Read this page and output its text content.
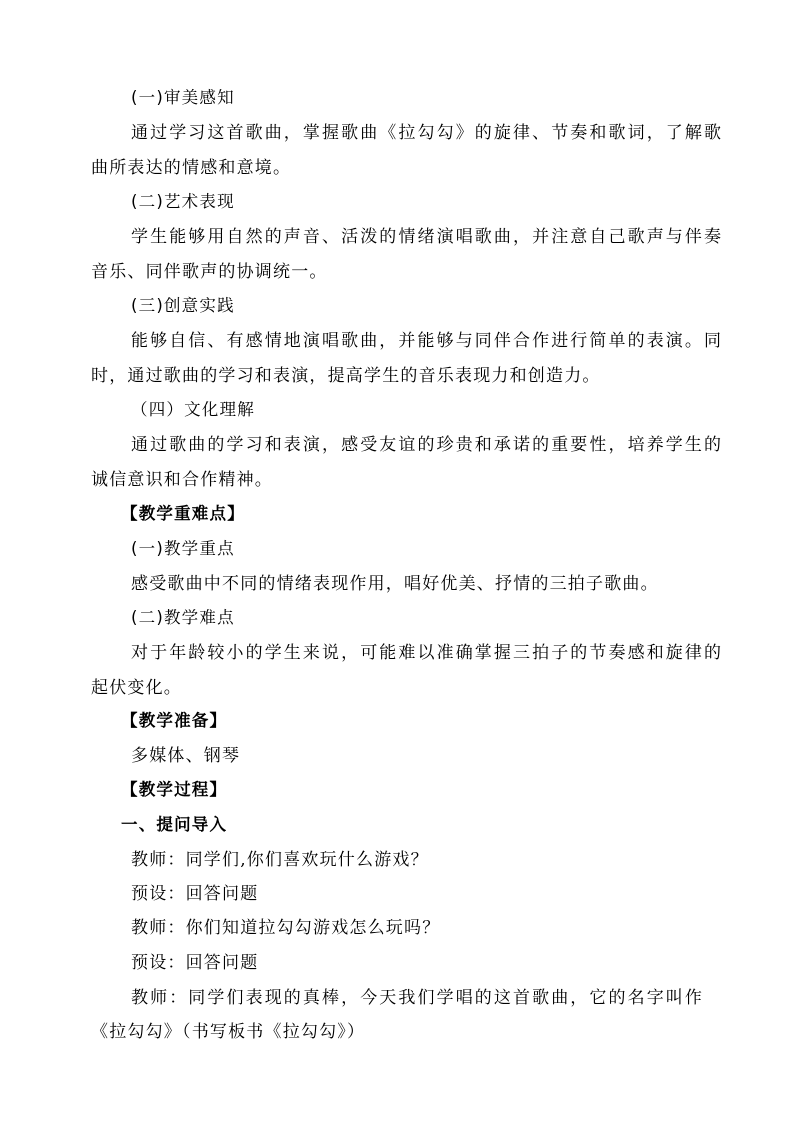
(一)审美感知
通过学习这首歌曲，掌握歌曲《拉勾勾》的旋律、节奏和歌词，了解歌
曲所表达的情感和意境。
(二)艺术表现
学生能够用自然的声音、活泼的情绪演唱歌曲，并注意自己歌声与伴奏
音乐、同伴歌声的协调统一。
(三)创意实践
能够自信、有感情地演唱歌曲，并能够与同伴合作进行简单的表演。同
时，通过歌曲的学习和表演，提高学生的音乐表现力和创造力。
（四）文化理解
通过歌曲的学习和表演，感受友谊的珍贵和承诺的重要性，培养学生的
诚信意识和合作精神。
【教学重难点】
(一)教学重点
感受歌曲中不同的情绪表现作用，唱好优美、抒情的三拍子歌曲。
(二)教学难点
对于年龄较小的学生来说，可能难以准确掌握三拍子的节奏感和旋律的
起伏变化。
【教学准备】
多媒体、钢琴
【教学过程】
一、提问导入
教师：同学们,你们喜欢玩什么游戏？
预设：回答问题
教师：你们知道拉勾勾游戏怎么玩吗？
预设：回答问题
教师：同学们表现的真棒，今天我们学唱的这首歌曲，它的名字叫作
《拉勾勾》（书写板书《拉勾勾》）
